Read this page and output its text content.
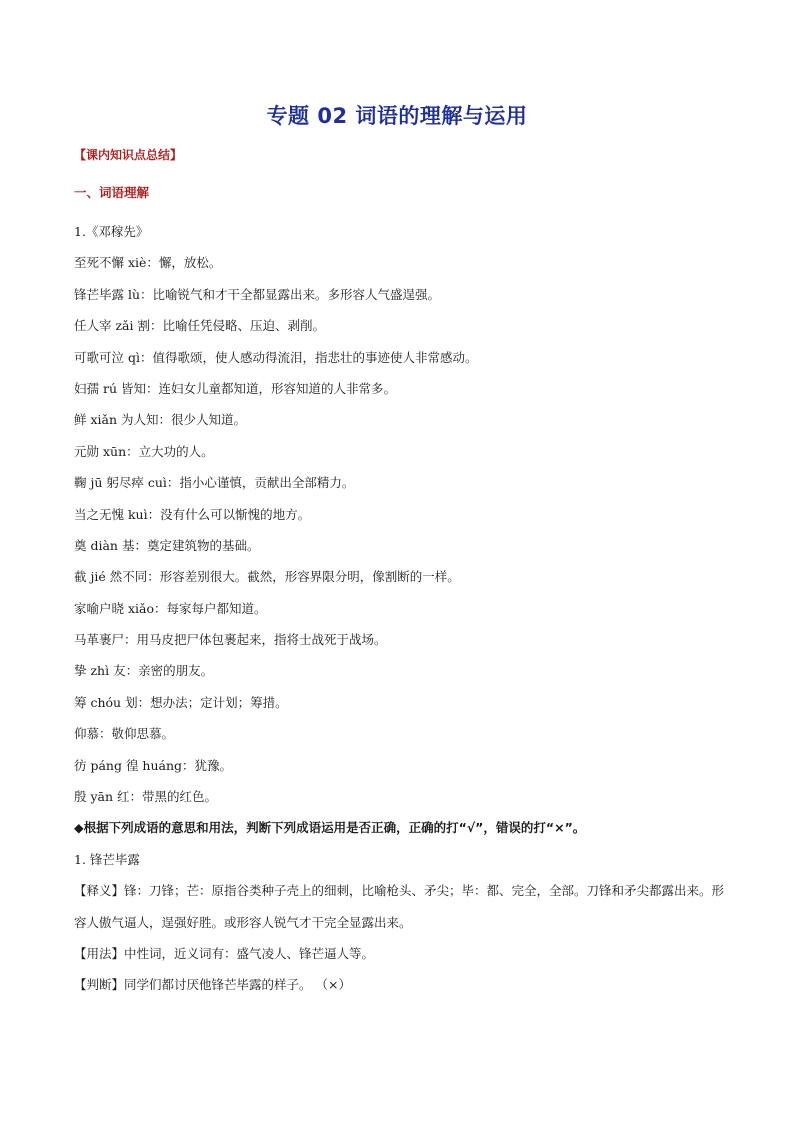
专题 02 词语的理解与运用
【课内知识点总结】
一、词语理解
1.《邓稼先》
至死不懈 xiè：懈，放松。
锋芒毕露 lù：比喻锐气和才干全都显露出来。多形容人气盛逞强。
任人宰 zǎi 割：比喻任凭侵略、压迫、剥削。
可歌可泣 qì：值得歌颂，使人感动得流泪，指悲壮的事迹使人非常感动。
妇孺 rú 皆知：连妇女儿童都知道，形容知道的人非常多。
鲜 xiǎn 为人知：很少人知道。
元勋 xūn：立大功的人。
鞠 jū 躬尽瘁 cuì：指小心谨慎，贡献出全部精力。
当之无愧 kuì：没有什么可以惭愧的地方。
奠 diàn 基：奠定建筑物的基础。
截 jié 然不同：形容差别很大。截然，形容界限分明，像割断的一样。
家喻户晓 xiǎo：每家每户都知道。
马革裹尸：用马皮把尸体包裹起来，指将士战死于战场。
挚 zhì 友：亲密的朋友。
筹 chóu 划：想办法；定计划；筹措。
仰慕：敬仰思慕。
彷 páng 徨 huáng：犹豫。
殷 yān 红：带黑的红色。
◆根据下列成语的意思和用法，判断下列成语运用是否正确，正确的打“√”，错误的打“×”。
1. 锋芒毕露
【释义】锋：刀锋；芒：原指谷类种子壳上的细刺，比喻枪头、矛尖；毕：都、完全，全部。刀锋和矛尖都露出来。形容人傲气逼人，逞强好胜。或形容人锐气才干完全显露出来。
【用法】中性词，近义词有：盛气凌人、锋芒逼人等。
【判断】同学们都讨厌他锋芒毕露的样子。 （×）
